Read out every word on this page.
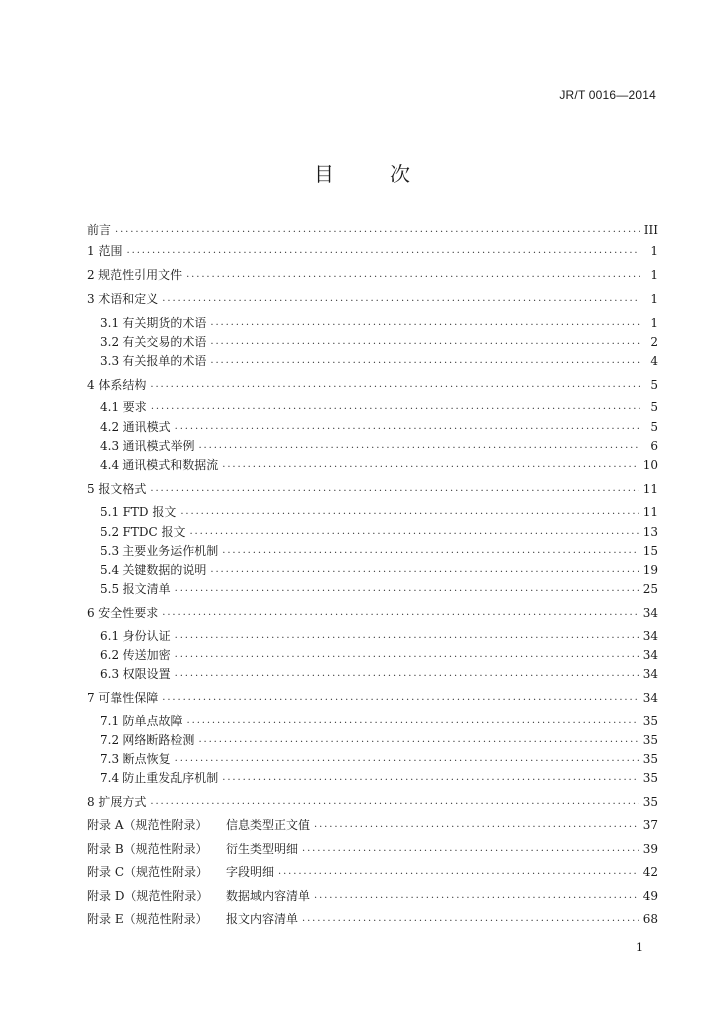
JR/T 0016—2014
目　次
前言 .....	III
1 范围 .....	1
2 规范性引用文件 .....	1
3 术语和定义 .....	1
3.1 有关期货的术语 .....	1
3.2 有关交易的术语 .....	2
3.3 有关报单的术语 .....	4
4 体系结构 .....	5
4.1 要求 .....	5
4.2 通讯模式 .....	5
4.3 通讯模式举例 .....	6
4.4 通讯模式和数据流 .....	10
5 报文格式 .....	11
5.1 FTD 报文 .....	11
5.2 FTDC 报文 .....	13
5.3 主要业务运作机制 .....	15
5.4 关键数据的说明 .....	19
5.5 报文清单 .....	25
6 安全性要求 .....	34
6.1 身份认证 .....	34
6.2 传送加密 .....	34
6.3 权限设置 .....	34
7 可靠性保障 .....	34
7.1 防单点故障 .....	35
7.2 网络断路检测 .....	35
7.3 断点恢复 .....	35
7.4 防止重发乱序机制 .....	35
8 扩展方式 .....	35
附录 A（规范性附录）	信息类型正文值 .....	37
附录 B（规范性附录）	衍生类型明细 .....	39
附录 C（规范性附录）	字段明细 .....	42
附录 D（规范性附录）	数据域内容清单 .....	49
附录 E（规范性附录）	报文内容清单 .....	68
1
